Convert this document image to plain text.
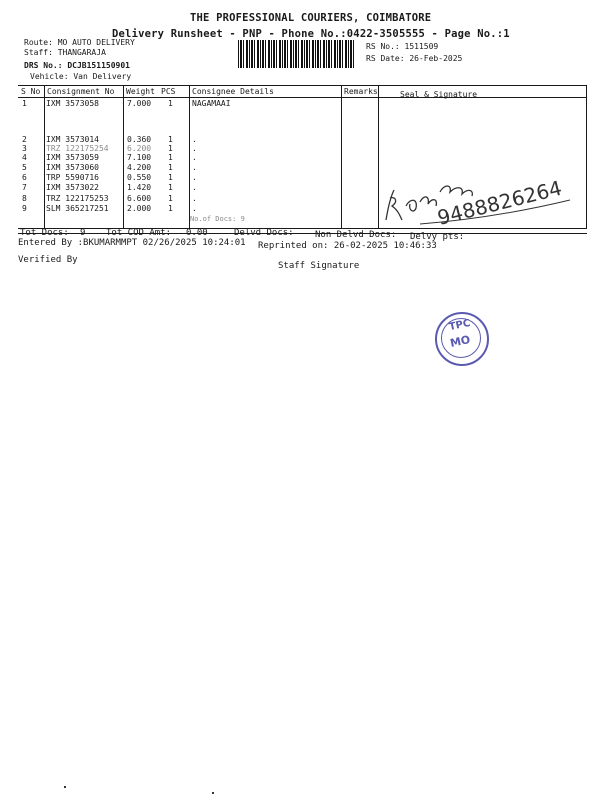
THE PROFESSIONAL COURIERS, COIMBATORE
Delivery Runsheet - PNP - Phone No.:0422-3505555 - Page No.:1
Route: MO AUTO DELIVERY
Staff: THANGARAJA
DRS No.: DCJB151150901
Vehicle: Van Delivery
RS No.: 1511509
RS Date: 26-Feb-2025
S No Consignment No Weight PCS Consignee Details	Remarks	Seal & Signature
1 IXM 3573058	7.000 1 NAGAMAAI
2 IXM 3573014	0.360 1 .
3 TRZ 122175254 6.200 1 .
4 IXM 3573059	7.100 1 .
5 IXM 3573060	4.200 1 .
6 TRP 5590716	0.550 1 .
7 IXM 3573022	1.420 1 .
8 TRZ 122175253 6.600 1 .
9 SLM 365217251 2.000 1 .
No.of Docs: 9	9488826264
Tot Docs: 9 Tot COD Amt: 0.00	Delvd Docs: Non Delvd Docs: Delvy pts:
Entered By :BKUMARMMPT 02/26/2025 10:24:01 Reprinted on: 26-02-2025 10:46:33
Verified By
Staff Signature
TPC
MO
